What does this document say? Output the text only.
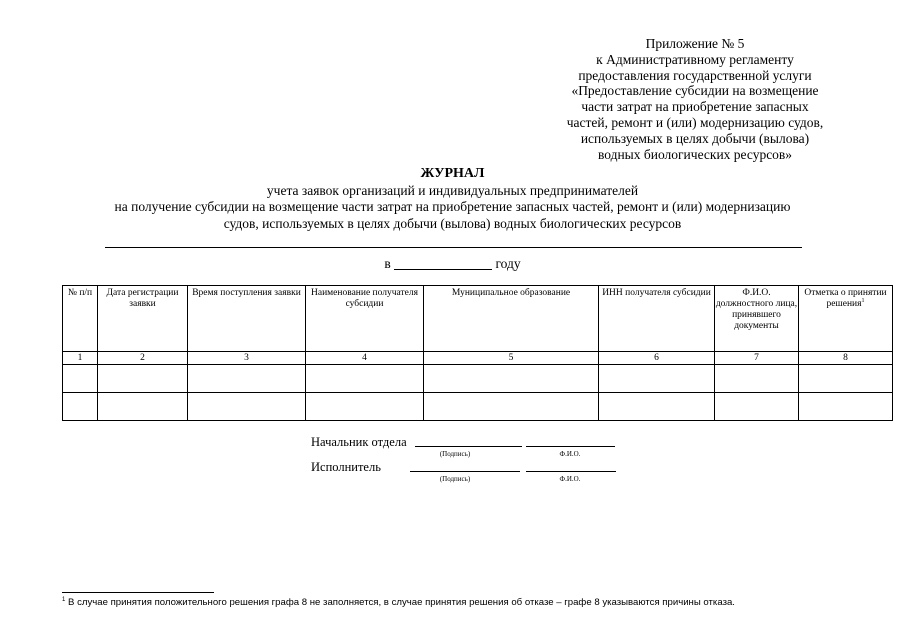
Приложение № 5
к Административному регламенту
предоставления государственной услуги
«Предоставление субсидии на возмещение
части затрат на приобретение запасных
частей, ремонт и (или) модернизацию судов,
используемых в целях добычи (вылова)
водных биологических ресурсов»
ЖУРНАЛ
учета заявок организаций и индивидуальных предпринимателей
на получение субсидии на возмещение части затрат на приобретение запасных частей, ремонт и (или) модернизацию
судов, используемых в целях добычи (вылова) водных биологических ресурсов
в	году
№ п/п	Дата регистрации заявки	Время поступления заявки	Наименование получателя субсидии	Муниципальное образование	ИНН получателя субсидии	Ф.И.О. должностного лица, принявшего документы	Отметка о принятии решения$^1$
1	2	3	4	5	6	7	8

Начальник отдела
(Подпись)	Ф.И.О.
Исполнитель
(Подпись)	Ф.И.О.
$^1$ В случае принятия положительного решения графа 8 не заполняется, в случае принятия решения об отказе – графе 8 указываются причины отказа.
